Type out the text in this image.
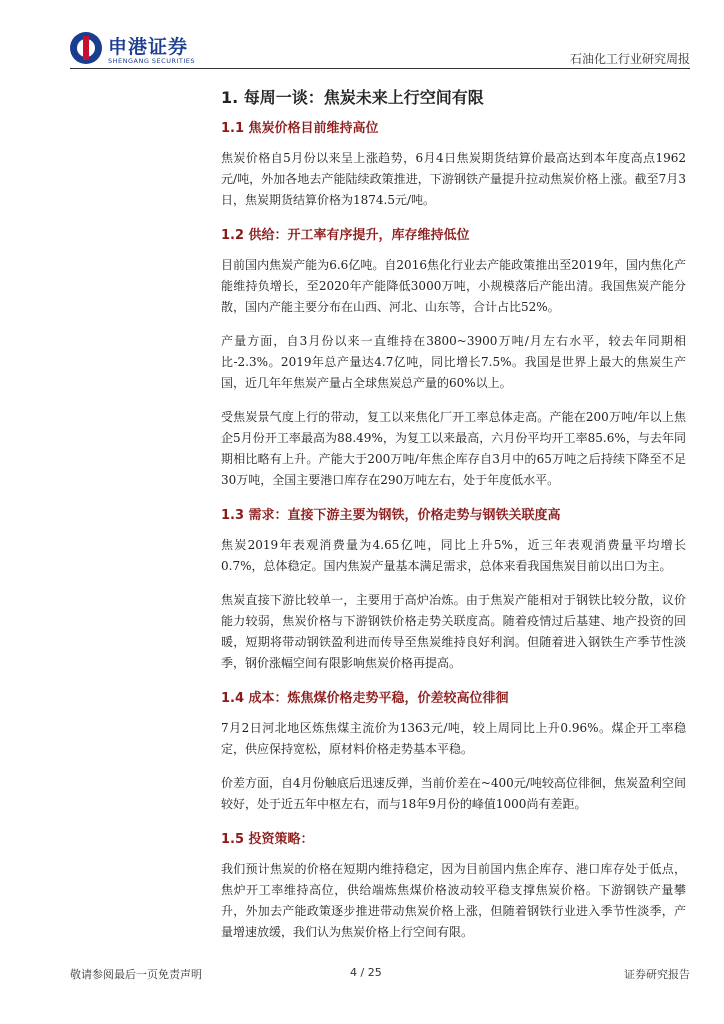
申港证券
SHENGANG SECURITIES	石油化工行业研究周报
1. 每周一谈：焦炭未来上行空间有限
1.1 焦炭价格目前维持高位

焦炭价格自5月份以来呈上涨趋势，6月4日焦炭期货结算价最高达到本年度高点1962元/吨，外加各地去产能陆续政策推进，下游钢铁产量提升拉动焦炭价格上涨。截至7月3日，焦炭期货结算价格为1874.5元/吨。

1.2 供给：开工率有序提升，库存维持低位

目前国内焦炭产能为6.6亿吨。自2016焦化行业去产能政策推出至2019年，国内焦化产能维持负增长，至2020年产能降低3000万吨，小规模落后产能出清。我国焦炭产能分散，国内产能主要分布在山西、河北、山东等，合计占比52%。

产量方面，自3月份以来一直维持在3800~3900万吨/月左右水平，较去年同期相比-2.3%。2019年总产量达4.7亿吨，同比增长7.5%。我国是世界上最大的焦炭生产国，近几年年焦炭产量占全球焦炭总产量的60%以上。

受焦炭景气度上行的带动，复工以来焦化厂开工率总体走高。产能在200万吨/年以上焦企5月份开工率最高为88.49%，为复工以来最高，六月份平均开工率85.6%，与去年同期相比略有上升。产能大于200万吨/年焦企库存自3月中的65万吨之后持续下降至不足30万吨，全国主要港口库存在290万吨左右，处于年度低水平。

1.3 需求：直接下游主要为钢铁，价格走势与钢铁关联度高

焦炭2019年表观消费量为4.65亿吨，同比上升5%，近三年表观消费量平均增长0.7%，总体稳定。国内焦炭产量基本满足需求，总体来看我国焦炭目前以出口为主。

焦炭直接下游比较单一，主要用于高炉冶炼。由于焦炭产能相对于钢铁比较分散，议价能力较弱，焦炭价格与下游钢铁价格走势关联度高。随着疫情过后基建、地产投资的回暖，短期将带动钢铁盈利进而传导至焦炭维持良好利润。但随着进入钢铁生产季节性淡季，钢价涨幅空间有限影响焦炭价格再提高。

1.4 成本：炼焦煤价格走势平稳，价差较高位徘徊

7月2日河北地区炼焦煤主流价为1363元/吨，较上周同比上升0.96%。煤企开工率稳定，供应保持宽松，原材料价格走势基本平稳。

价差方面，自4月份触底后迅速反弹，当前价差在~400元/吨较高位徘徊，焦炭盈利空间较好，处于近五年中枢左右，而与18年9月份的峰值1000尚有差距。

1.5 投资策略：

我们预计焦炭的价格在短期内维持稳定，因为目前国内焦企库存、港口库存处于低点，焦炉开工率维持高位，供给端炼焦煤价格波动较平稳支撑焦炭价格。下游钢铁产量攀升，外加去产能政策逐步推进带动焦炭价格上涨，但随着钢铁行业进入季节性淡季，产量增速放缓，我们认为焦炭价格上行空间有限。

敬请参阅最后一页免责声明	4 / 25	证券研究报告
